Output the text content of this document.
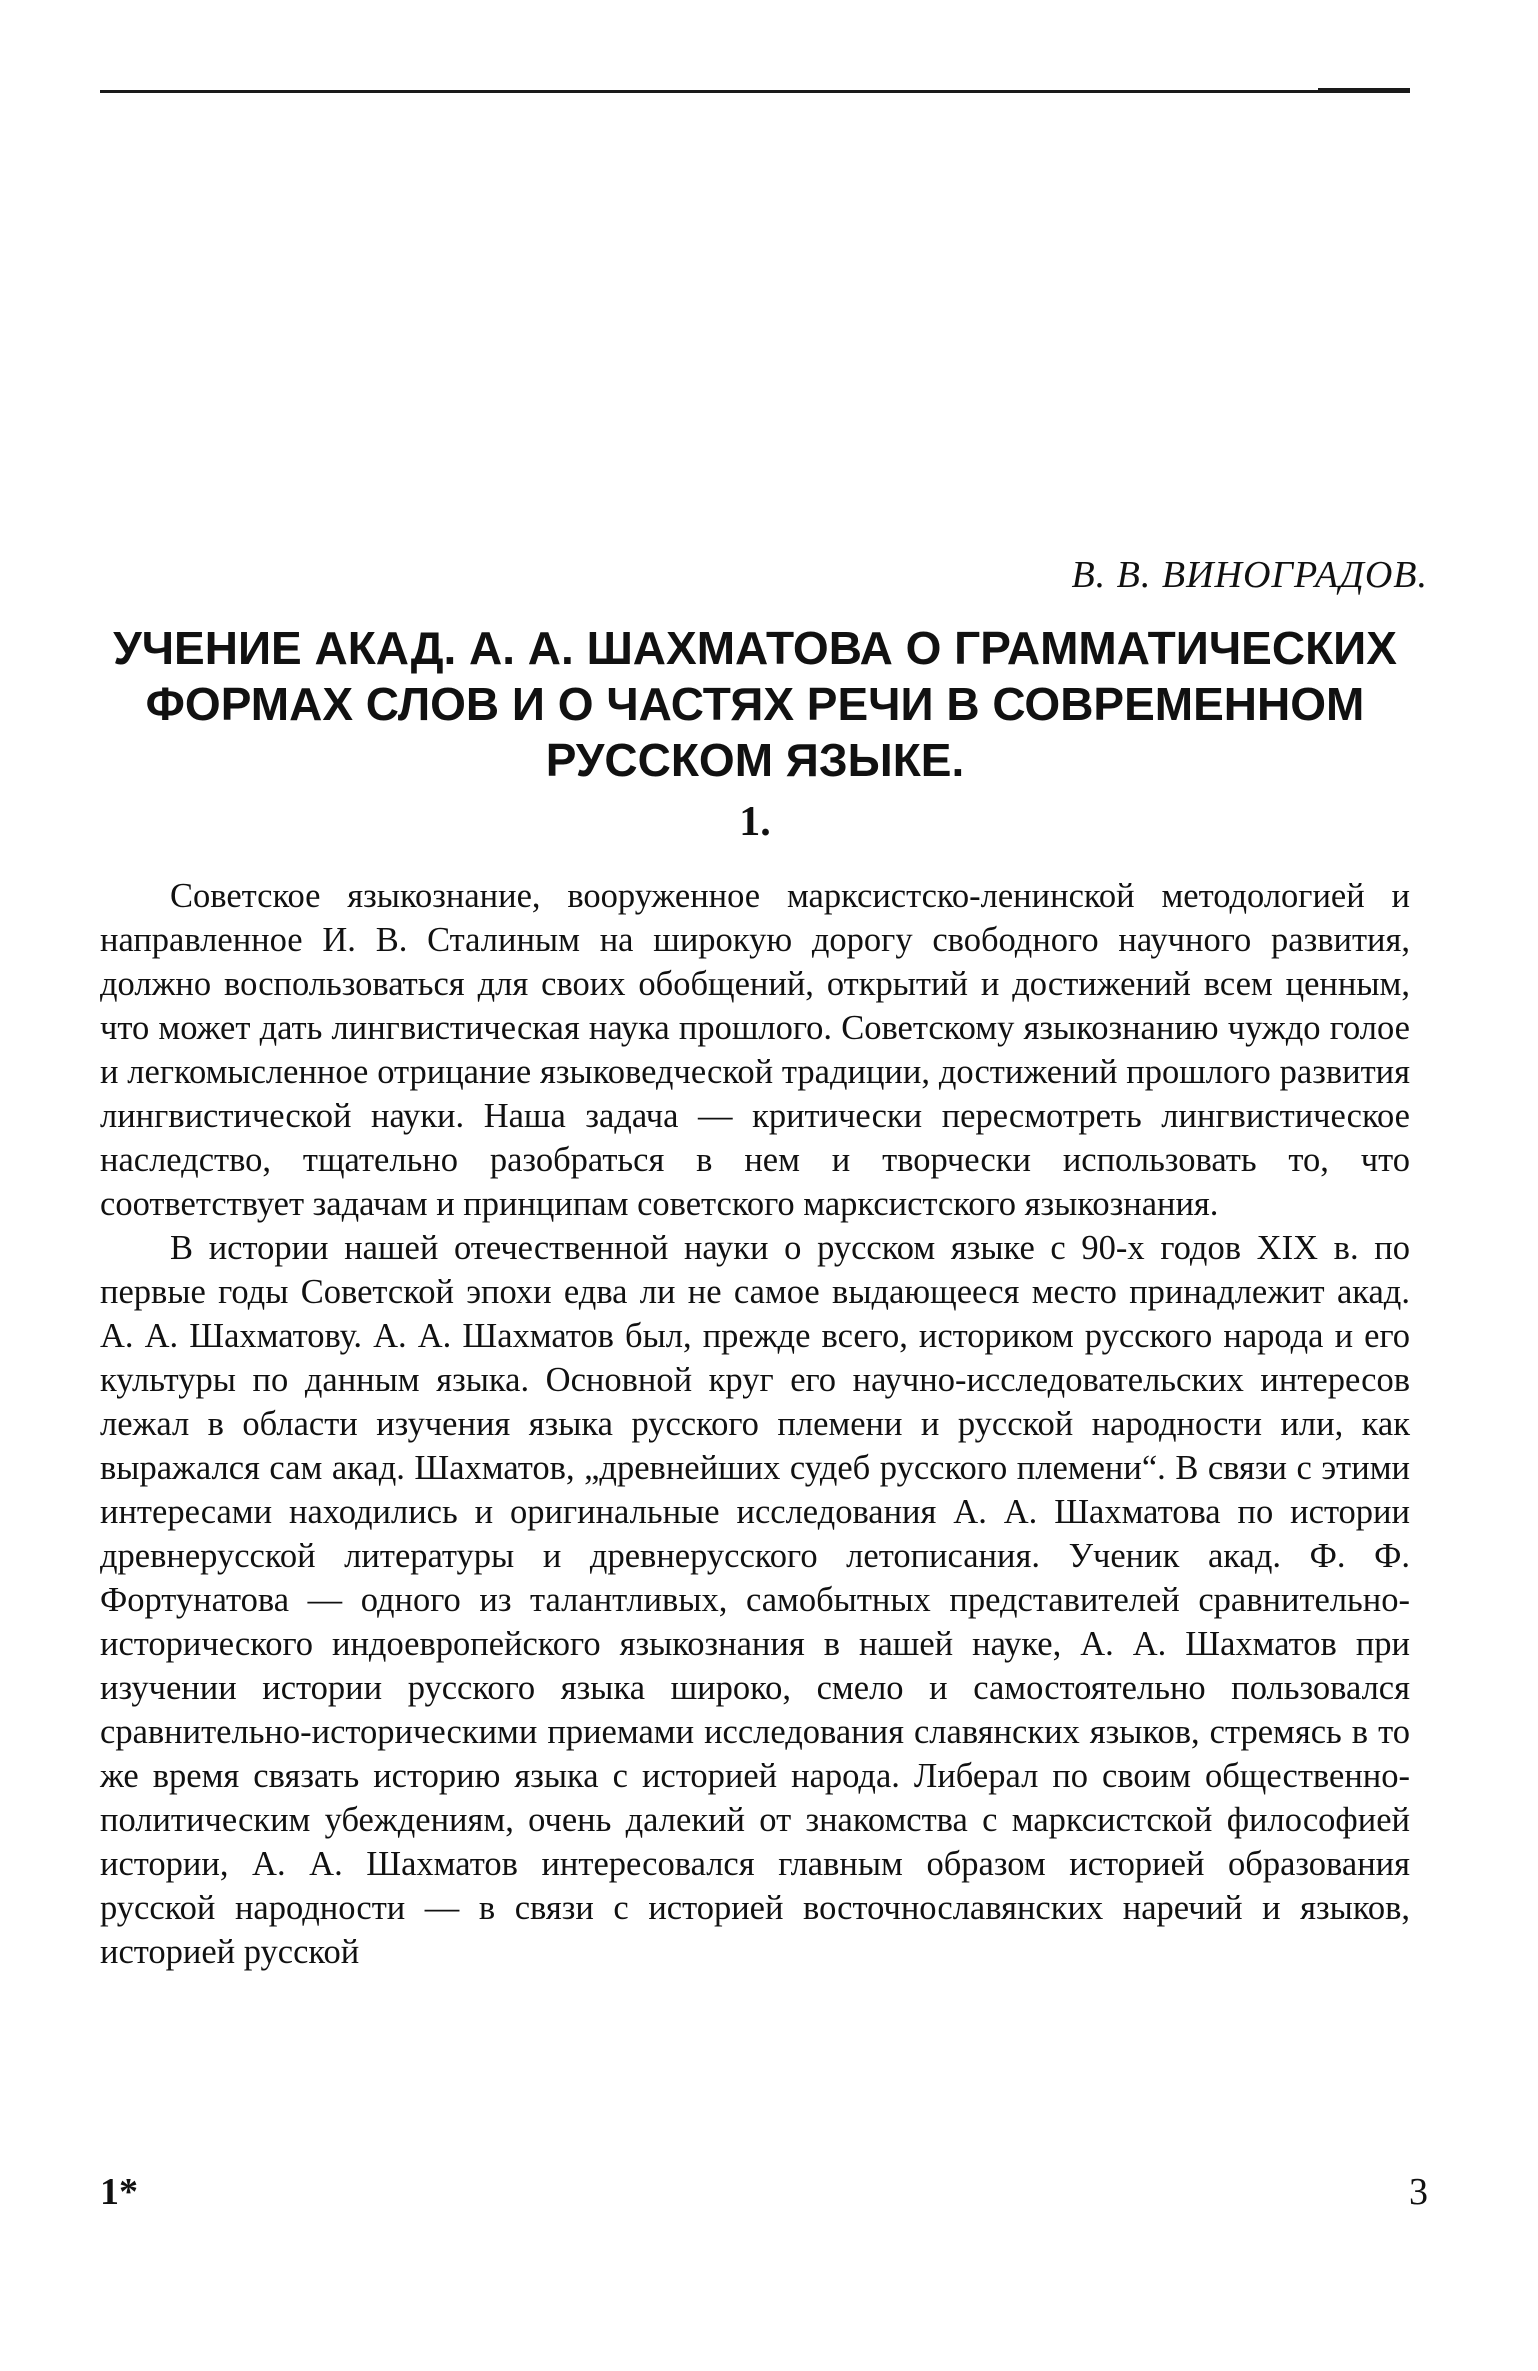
В. В. ВИНОГРАДОВ.
УЧЕНИЕ АКАД. А. А. ШАХМАТОВА О ГРАММАТИЧЕСКИХ ФОРМАХ СЛОВ И О ЧАСТЯХ РЕЧИ В СОВРЕМЕННОМ РУССКОМ ЯЗЫКЕ.
1.

Советское языкознание, вооруженное марксистско-ленинской методологией и направленное И. В. Сталиным на широкую дорогу свободного научного развития, должно воспользоваться для своих обобщений, открытий и достижений всем ценным, что может дать лингвистическая наука прошлого. Советскому языкознанию чуждо голое и легкомысленное отрицание языковедческой традиции, достижений прошлого развития лингвистической науки. Наша задача — критически пересмотреть лингвистическое наследство, тщательно разобраться в нем и творчески использовать то, что соответствует задачам и принципам советского марксистского языкознания.

В истории нашей отечественной науки о русском языке с 90-х годов XIX в. по первые годы Советской эпохи едва ли не самое выдающееся место принадлежит акад. А. А. Шахматову. А. А. Шахматов был, прежде всего, историком русского народа и его культуры по данным языка. Основной круг его научно-исследовательских интересов лежал в области изучения языка русского племени и русской народности или, как выражался сам акад. Шахматов, „древнейших судеб русского племени“. В связи с этими интересами находились и оригинальные исследования А. А. Шахматова по истории древнерусской литературы и древнерусского летописания. Ученик акад. Ф. Ф. Фортунатова — одного из талантливых, самобытных представителей сравнительно-исторического индоевропейского языкознания в нашей науке, А. А. Шахматов при изучении истории русского языка широко, смело и самостоятельно пользовался сравнительно-историческими приемами исследования славянских языков, стремясь в то же время связать историю языка с историей народа. Либерал по своим общественно-политическим убеждениям, очень далекий от знакомства с марксистской философией истории, А. А. Шахматов интересовался главным образом историей образования русской народности — в связи с историей восточнославянских наречий и языков, историей русской

1*	3
